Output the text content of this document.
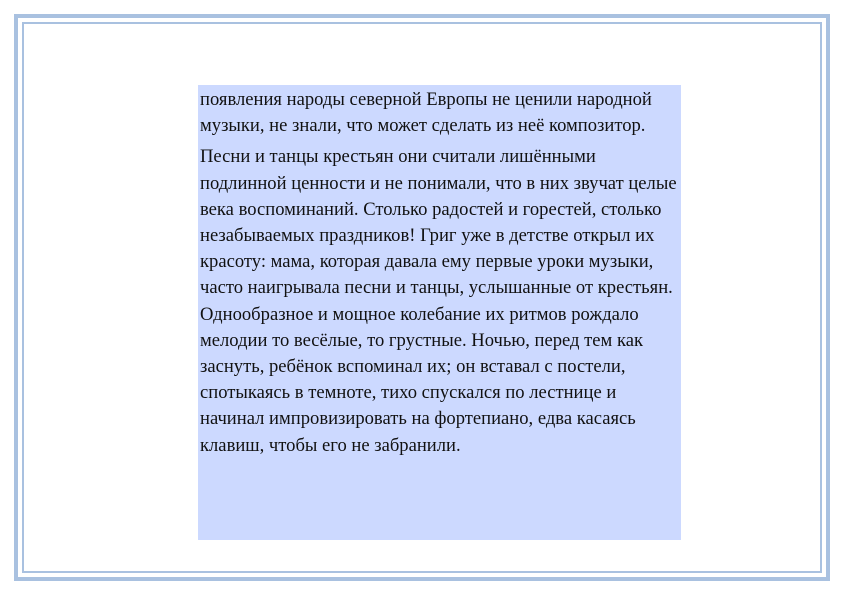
появления народы северной Европы не ценили народной музыки, не знали, что может сделать из неё композитор.

Песни и танцы крестьян они считали лишёнными подлинной ценности и не понимали, что в них звучат целые века воспоминаний. Столько радостей и горестей, столько незабываемых праздников! Григ уже в детстве открыл их красоту: мама, которая давала ему первые уроки музыки, часто наигрывала песни и танцы, услышанные от крестьян. Однообразное и мощное колебание их ритмов рождало мелодии то весёлые, то грустные. Ночью, перед тем как заснуть, ребёнок вспоминал их; он вставал с постели, спотыкаясь в темноте, тихо спускался по лестнице и начинал импровизировать на фортепиано, едва касаясь клавиш, чтобы его не забранили.
